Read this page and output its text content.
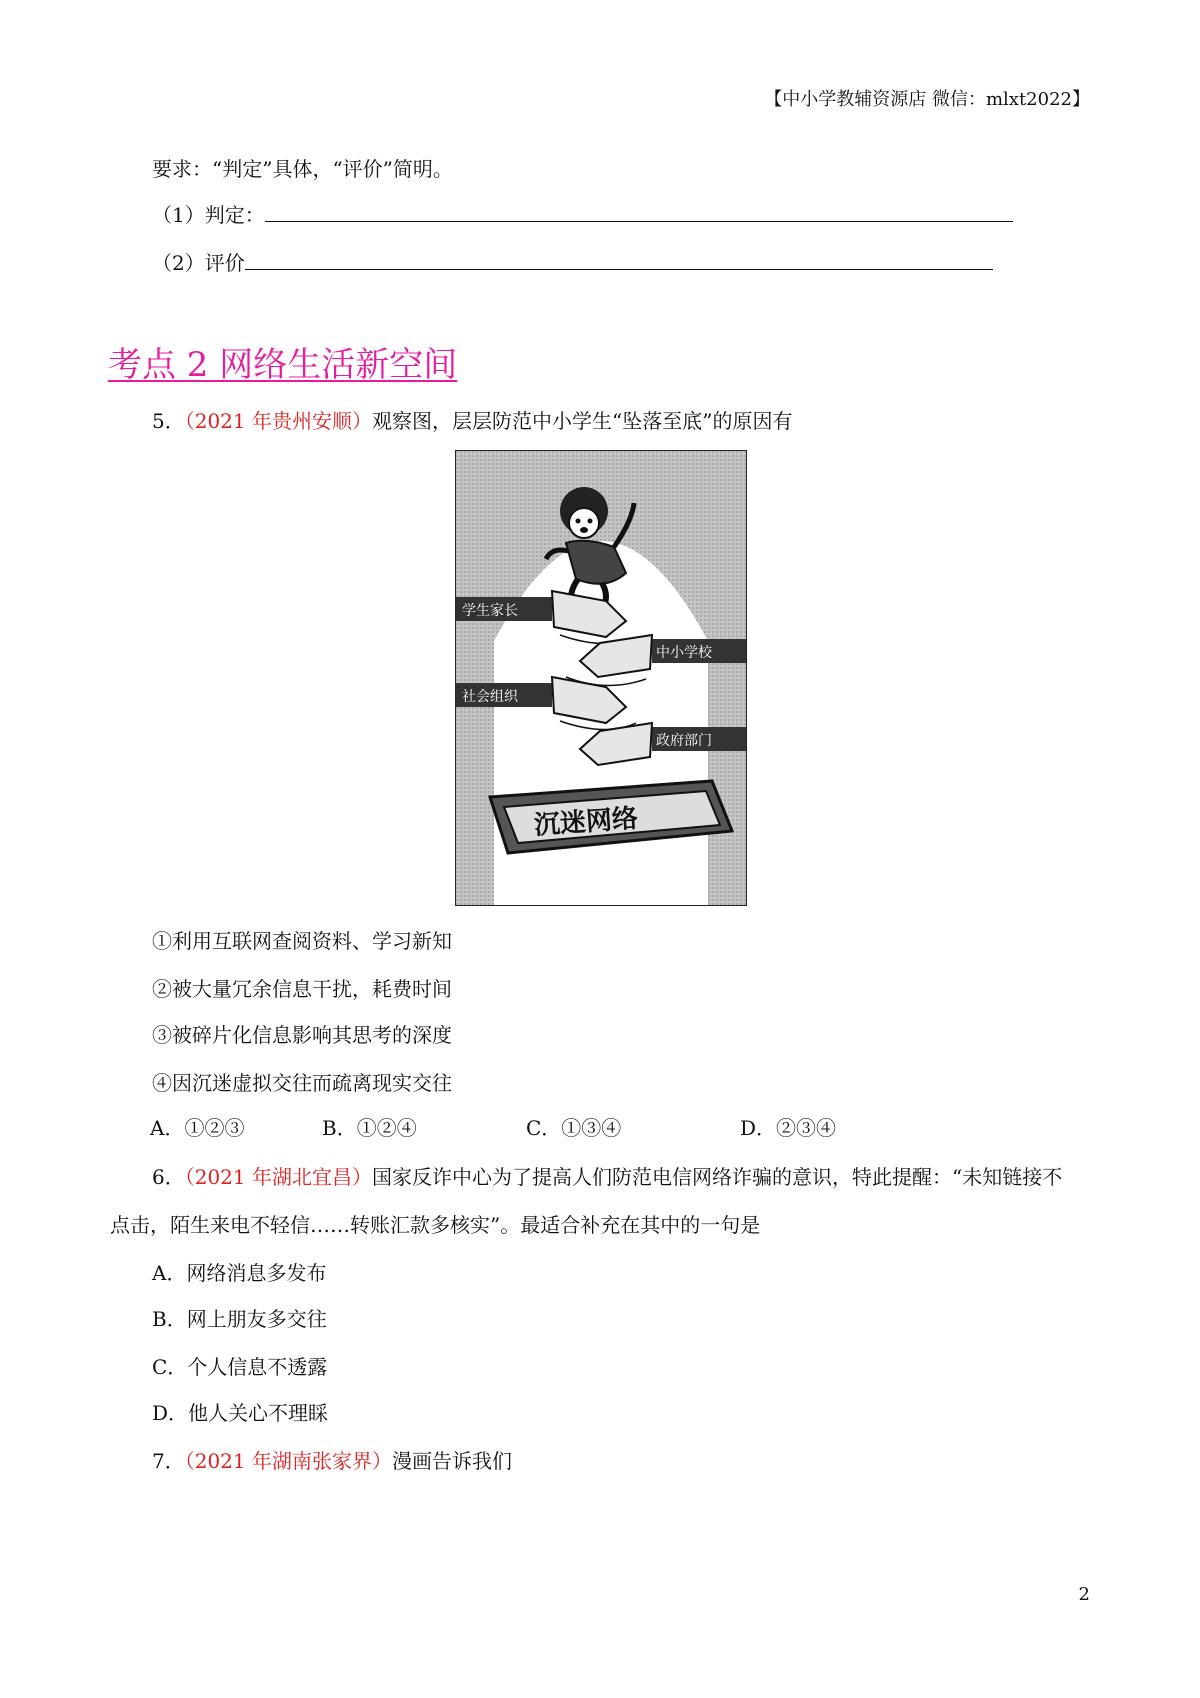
【中小学教辅资源店 微信：mlxt2022】
要求：“判定”具体，“评价”简明。
（1）判定：
（2）评价
考点 2 网络生活新空间
5．（2021 年贵州安顺）观察图，层层防范中小学生“坠落至底”的原因有
学生家长
中小学校
社会组织
政府部门
沉迷网络
①利用互联网查阅资料、学习新知
②被大量冗余信息干扰，耗费时间
③被碎片化信息影响其思考的深度
④因沉迷虚拟交往而疏离现实交往
A．①②③	B．①②④	C．①③④	D．②③④
6．（2021 年湖北宜昌）国家反诈中心为了提高人们防范电信网络诈骗的意识，特此提醒：“未知链接不
点击，陌生来电不轻信……转账汇款多核实”。最适合补充在其中的一句是
A．网络消息多发布
B．网上朋友多交往
C．个人信息不透露
D．他人关心不理睬
7．（2021 年湖南张家界）漫画告诉我们
2
